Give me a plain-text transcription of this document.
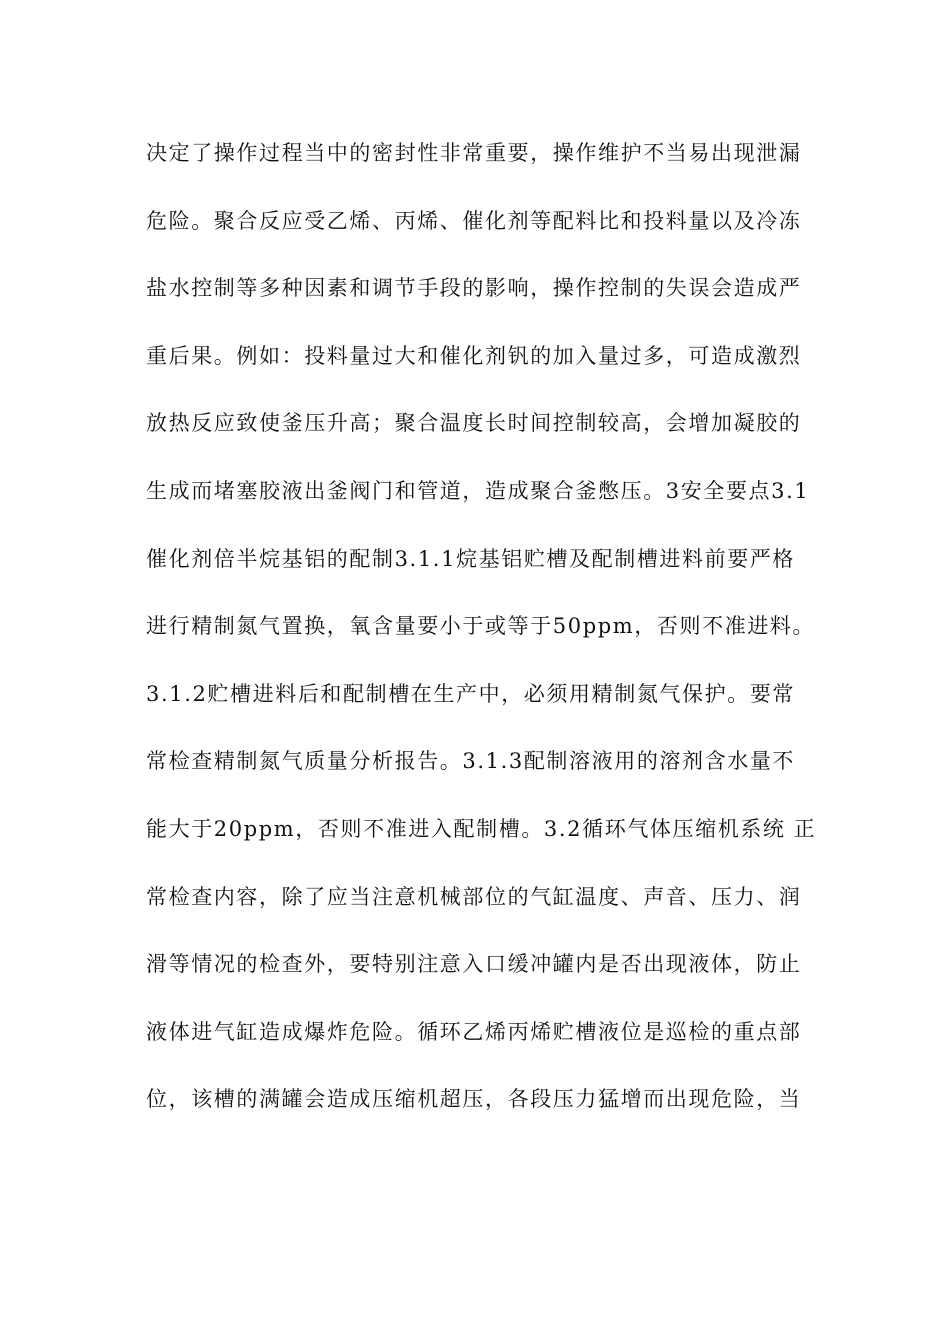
决定了操作过程当中的密封性非常重要，操作维护不当易出现泄漏
危险。聚合反应受乙烯、丙烯、催化剂等配料比和投料量以及冷冻
盐水控制等多种因素和调节手段的影响，操作控制的失误会造成严
重后果。例如：投料量过大和催化剂钒的加入量过多，可造成激烈
放热反应致使釜压升高；聚合温度长时间控制较高，会增加凝胶的
生成而堵塞胶液出釜阀门和管道，造成聚合釜憋压。3安全要点3.1
催化剂倍半烷基铝的配制3.1.1烷基铝贮槽及配制槽进料前要严格
进行精制氮气置换，氧含量要小于或等于50ppm，否则不准进料。
3.1.2贮槽进料后和配制槽在生产中，必须用精制氮气保护。要常
常检查精制氮气质量分析报告。3.1.3配制溶液用的溶剂含水量不
能大于20ppm，否则不准进入配制槽。3.2循环气体压缩机系统 正
常检查内容，除了应当注意机械部位的气缸温度、声音、压力、润
滑等情况的检查外，要特别注意入口缓冲罐内是否出现液体，防止
液体进气缸造成爆炸危险。循环乙烯丙烯贮槽液位是巡检的重点部
位，该槽的满罐会造成压缩机超压，各段压力猛增而出现危险，当
